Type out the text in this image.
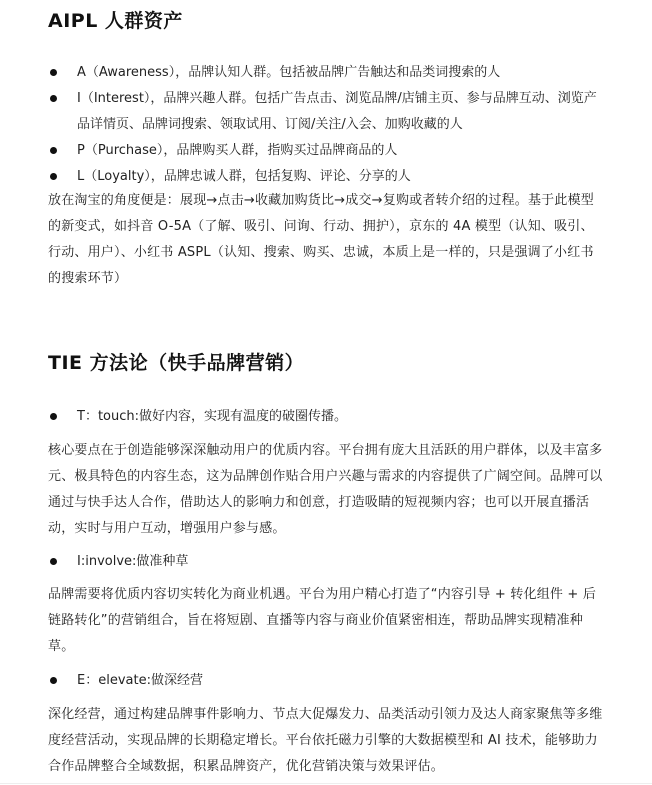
AIPL 人群资产
A（Awareness），品牌认知人群。包括被品牌广告触达和品类词搜索的人
I（Interest），品牌兴趣人群。包括广告点击、浏览品牌/店铺主页、参与品牌互动、浏览产品详情页、品牌词搜索、领取试用、订阅/关注/入会、加购收藏的人
P（Purchase），品牌购买人群，指购买过品牌商品的人
L（Loyalty），品牌忠诚人群，包括复购、评论、分享的人

放在淘宝的角度便是：展现→点击→收藏加购货比→成交→复购或者转介绍的过程。基于此模型的新变式，如抖音 O-5A（了解、吸引、问询、行动、拥护），京东的 4A 模型（认知、吸引、行动、用户）、小红书 ASPL（认知、搜索、购买、忠诚，本质上是一样的，只是强调了小红书的搜索环节）

TIE 方法论（快手品牌营销）
T：touch:做好内容，实现有温度的破圈传播。

核心要点在于创造能够深深触动用户的优质内容。平台拥有庞大且活跃的用户群体，以及丰富多元、极具特色的内容生态，这为品牌创作贴合用户兴趣与需求的内容提供了广阔空间。品牌可以通过与快手达人合作，借助达人的影响力和创意，打造吸睛的短视频内容；也可以开展直播活动，实时与用户互动，增强用户参与感。

I:involve:做准种草

品牌需要将优质内容切实转化为商业机遇。平台为用户精心打造了“内容引导 + 转化组件 + 后链路转化”的营销组合，旨在将短剧、直播等内容与商业价值紧密相连，帮助品牌实现精准种草。

E：elevate:做深经营

深化经营，通过构建品牌事件影响力、节点大促爆发力、品类活动引领力及达人商家聚焦等多维度经营活动，实现品牌的长期稳定增长。平台依托磁力引擎的大数据模型和 AI 技术，能够助力合作品牌整合全域数据，积累品牌资产，优化营销决策与效果评估。
